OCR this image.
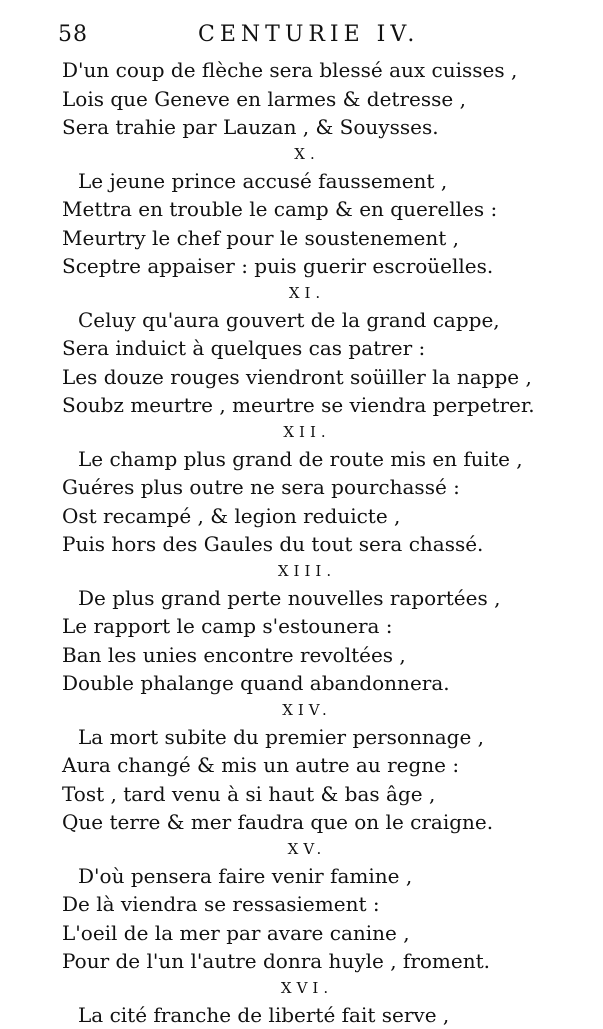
58	CENTURIE IV.
D'un coup de flèche sera blessé aux cuisses ,
Lois que Geneve en larmes & detresse ,
Sera trahie par Lauzan , & Souysses.
X.
Le jeune prince accusé faussement ,
Mettra en trouble le camp & en querelles :
Meurtry le chef pour le soustenement ,
Sceptre appaiser : puis guerir escroüelles.
XI.
Celuy qu'aura gouvert de la grand cappe,
Sera induict à quelques cas patrer :
Les douze rouges viendront soüiller la nappe ,
Soubz meurtre , meurtre se viendra perpetrer.
XII.
Le champ plus grand de route mis en fuite ,
Guéres plus outre ne sera pourchassé :
Ost recampé , & legion reduicte ,
Puis hors des Gaules du tout sera chassé.
XIII.
De plus grand perte nouvelles raportées ,
Le rapport le camp s'estounera :
Ban les unies encontre revoltées ,
Double phalange quand abandonnera.
XIV.
La mort subite du premier personnage ,
Aura changé & mis un autre au regne :
Tost , tard venu à si haut & bas âge ,
Que terre & mer faudra que on le craigne.
XV.
D'où pensera faire venir famine ,
De là viendra se ressasiement :
L'oeil de la mer par avare canine ,
Pour de l'un l'autre donra huyle , froment.
XVI.
La cité franche de liberté fait serve ,
